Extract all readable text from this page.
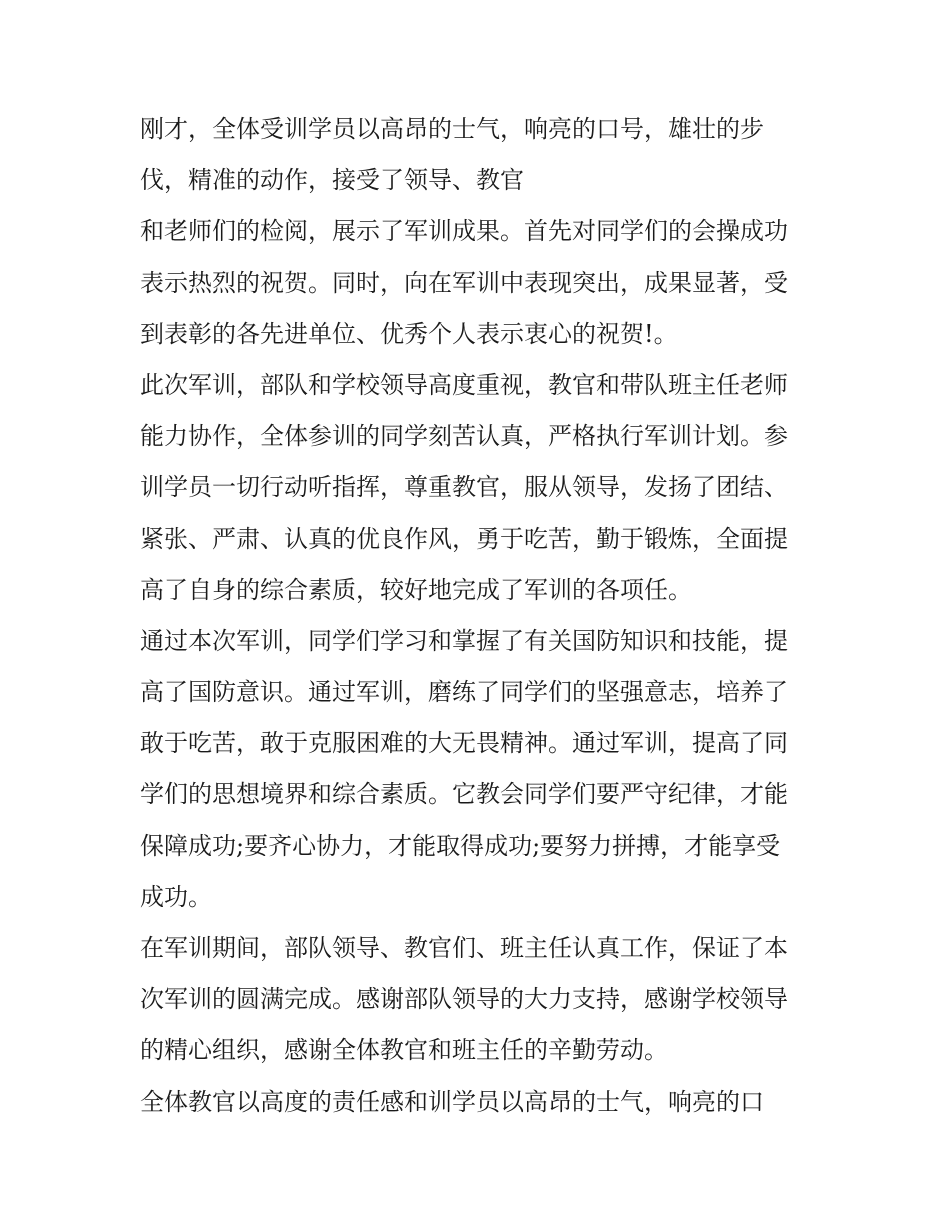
刚才，全体受训学员以高昂的士气，响亮的口号，雄壮的步
伐，精准的动作，接受了领导、教官
和老师们的检阅，展示了军训成果。首先对同学们的会操成功
表示热烈的祝贺。同时，向在军训中表现突出，成果显著，受
到表彰的各先进单位、优秀个人表示衷心的祝贺!。
此次军训，部队和学校领导高度重视，教官和带队班主任老师
能力协作，全体参训的同学刻苦认真，严格执行军训计划。参
训学员一切行动听指挥，尊重教官，服从领导，发扬了团结、
紧张、严肃、认真的优良作风，勇于吃苦，勤于锻炼，全面提
高了自身的综合素质，较好地完成了军训的各项任。
通过本次军训，同学们学习和掌握了有关国防知识和技能，提
高了国防意识。通过军训，磨练了同学们的坚强意志，培养了
敢于吃苦，敢于克服困难的大无畏精神。通过军训，提高了同
学们的思想境界和综合素质。它教会同学们要严守纪律，才能
保障成功;要齐心协力，才能取得成功;要努力拼搏，才能享受
成功。
在军训期间，部队领导、教官们、班主任认真工作，保证了本
次军训的圆满完成。感谢部队领导的大力支持，感谢学校领导
的精心组织，感谢全体教官和班主任的辛勤劳动。
全体教官以高度的责任感和训学员以高昂的士气，响亮的口
